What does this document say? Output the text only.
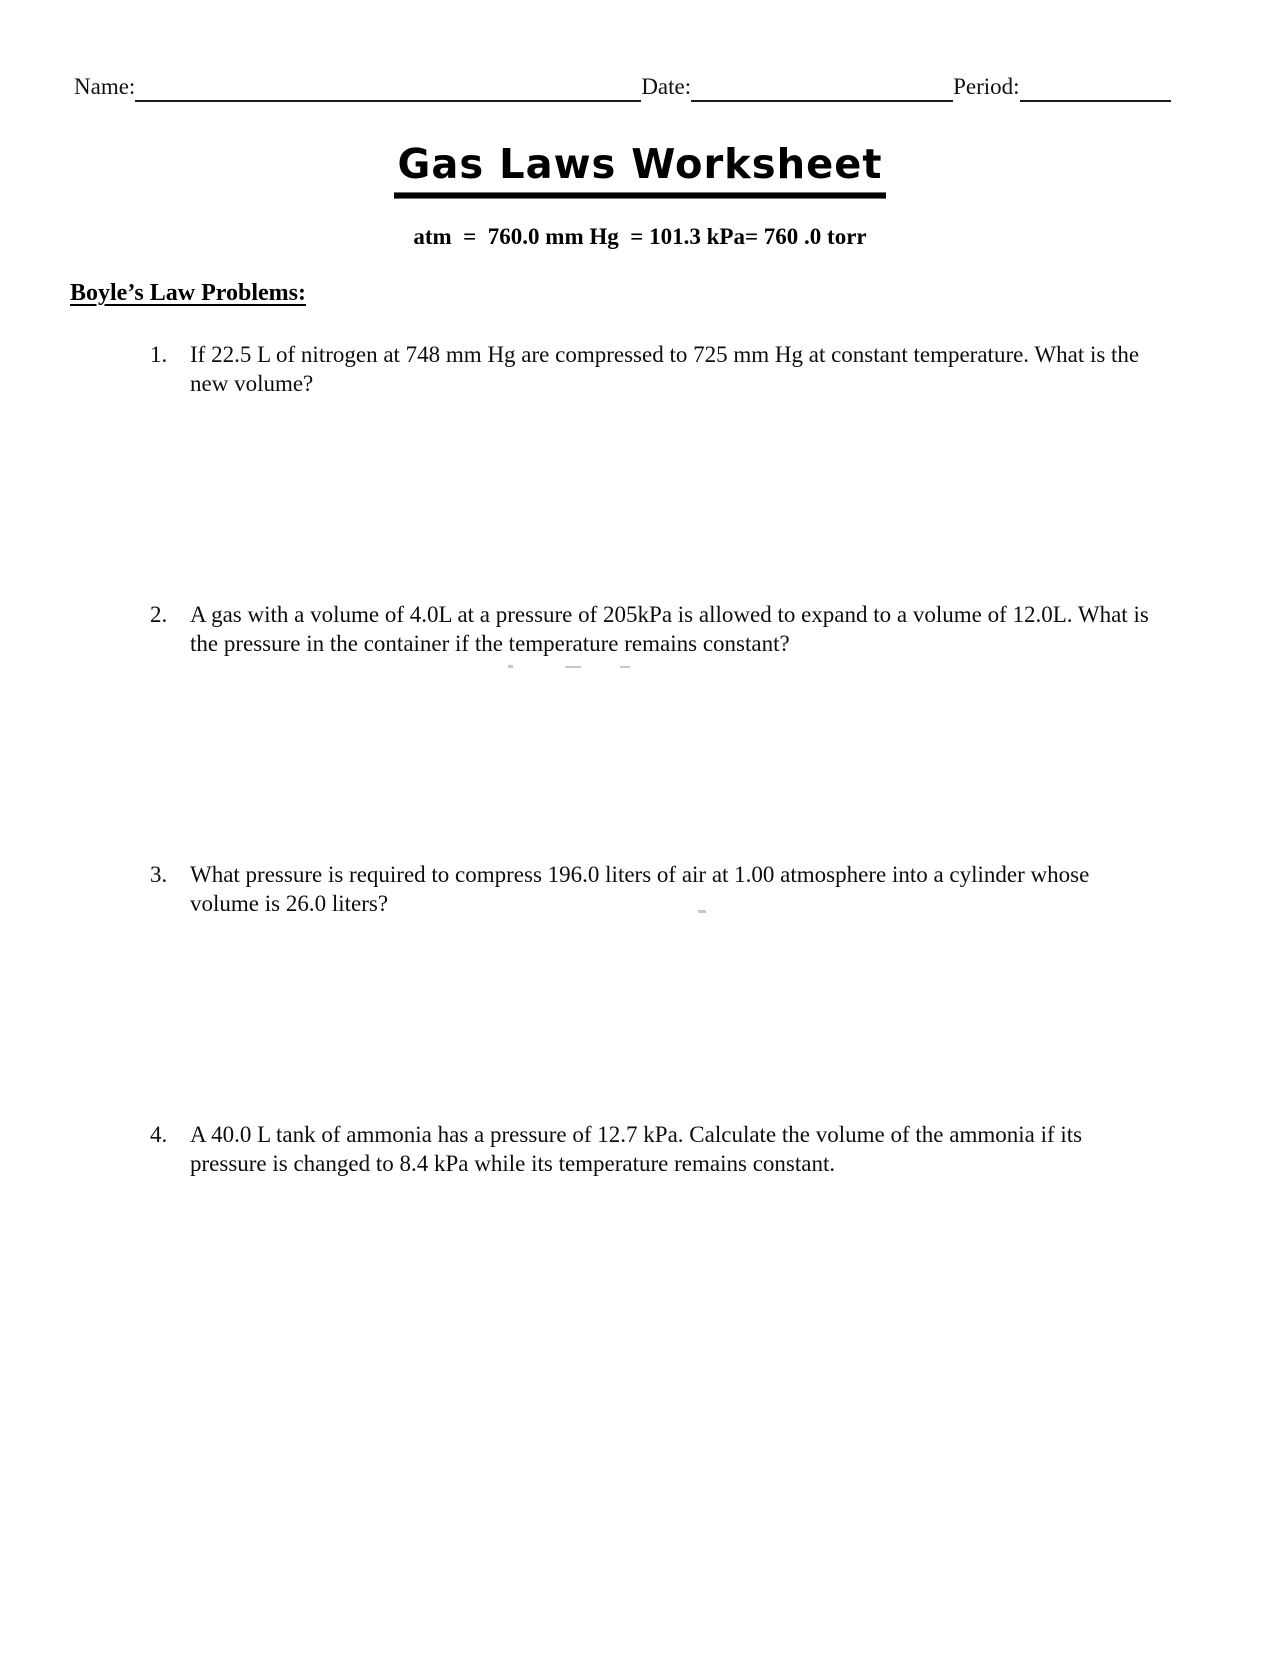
Name:	Date:	Period:
Gas Laws Worksheet
atm  =  760.0 mm Hg  = 101.3 kPa= 760 .0 torr
Boyle’s Law Problems:
1. If 22.5 L of nitrogen at 748 mm Hg are compressed to 725 mm Hg at constant temperature. What is the new volume?
2. A gas with a volume of 4.0L at a pressure of 205kPa is allowed to expand to a volume of 12.0L. What is the pressure in the container if the temperature remains constant?
3. What pressure is required to compress 196.0 liters of air at 1.00 atmosphere into a cylinder whose volume is 26.0 liters?
4. A 40.0 L tank of ammonia has a pressure of 12.7 kPa. Calculate the volume of the ammonia if its pressure is changed to 8.4 kPa while its temperature remains constant.
